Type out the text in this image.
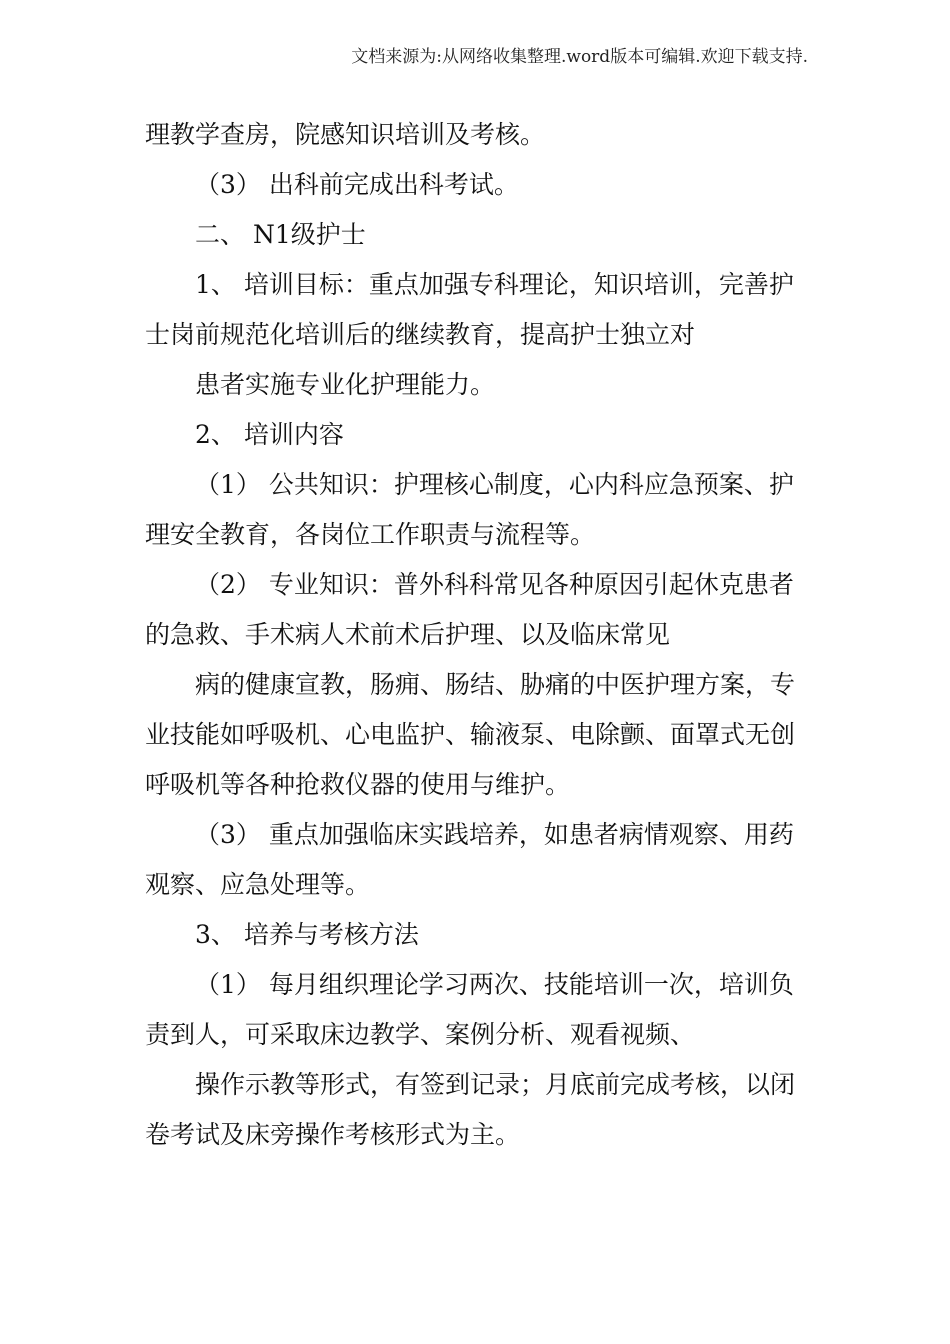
文档来源为:从网络收集整理.word版本可编辑.欢迎下载支持.
理教学查房，院感知识培训及考核。
（3） 出科前完成出科考试。
二、 N1级护士
1、 培训目标：重点加强专科理论，知识培训，完善护
士岗前规范化培训后的继续教育，提高护士独立对
患者实施专业化护理能力。
2、 培训内容
（1） 公共知识：护理核心制度，心内科应急预案、护
理安全教育，各岗位工作职责与流程等。
（2） 专业知识：普外科科常见各种原因引起休克患者
的急救、手术病人术前术后护理、以及临床常见
病的健康宣教，肠痈、肠结、胁痛的中医护理方案，专
业技能如呼吸机、心电监护、输液泵、电除颤、面罩式无创
呼吸机等各种抢救仪器的使用与维护。
（3） 重点加强临床实践培养，如患者病情观察、用药
观察、应急处理等。
3、 培养与考核方法
（1） 每月组织理论学习两次、技能培训一次，培训负
责到人，可采取床边教学、案例分析、观看视频、
操作示教等形式，有签到记录；月底前完成考核，以闭
卷考试及床旁操作考核形式为主。
